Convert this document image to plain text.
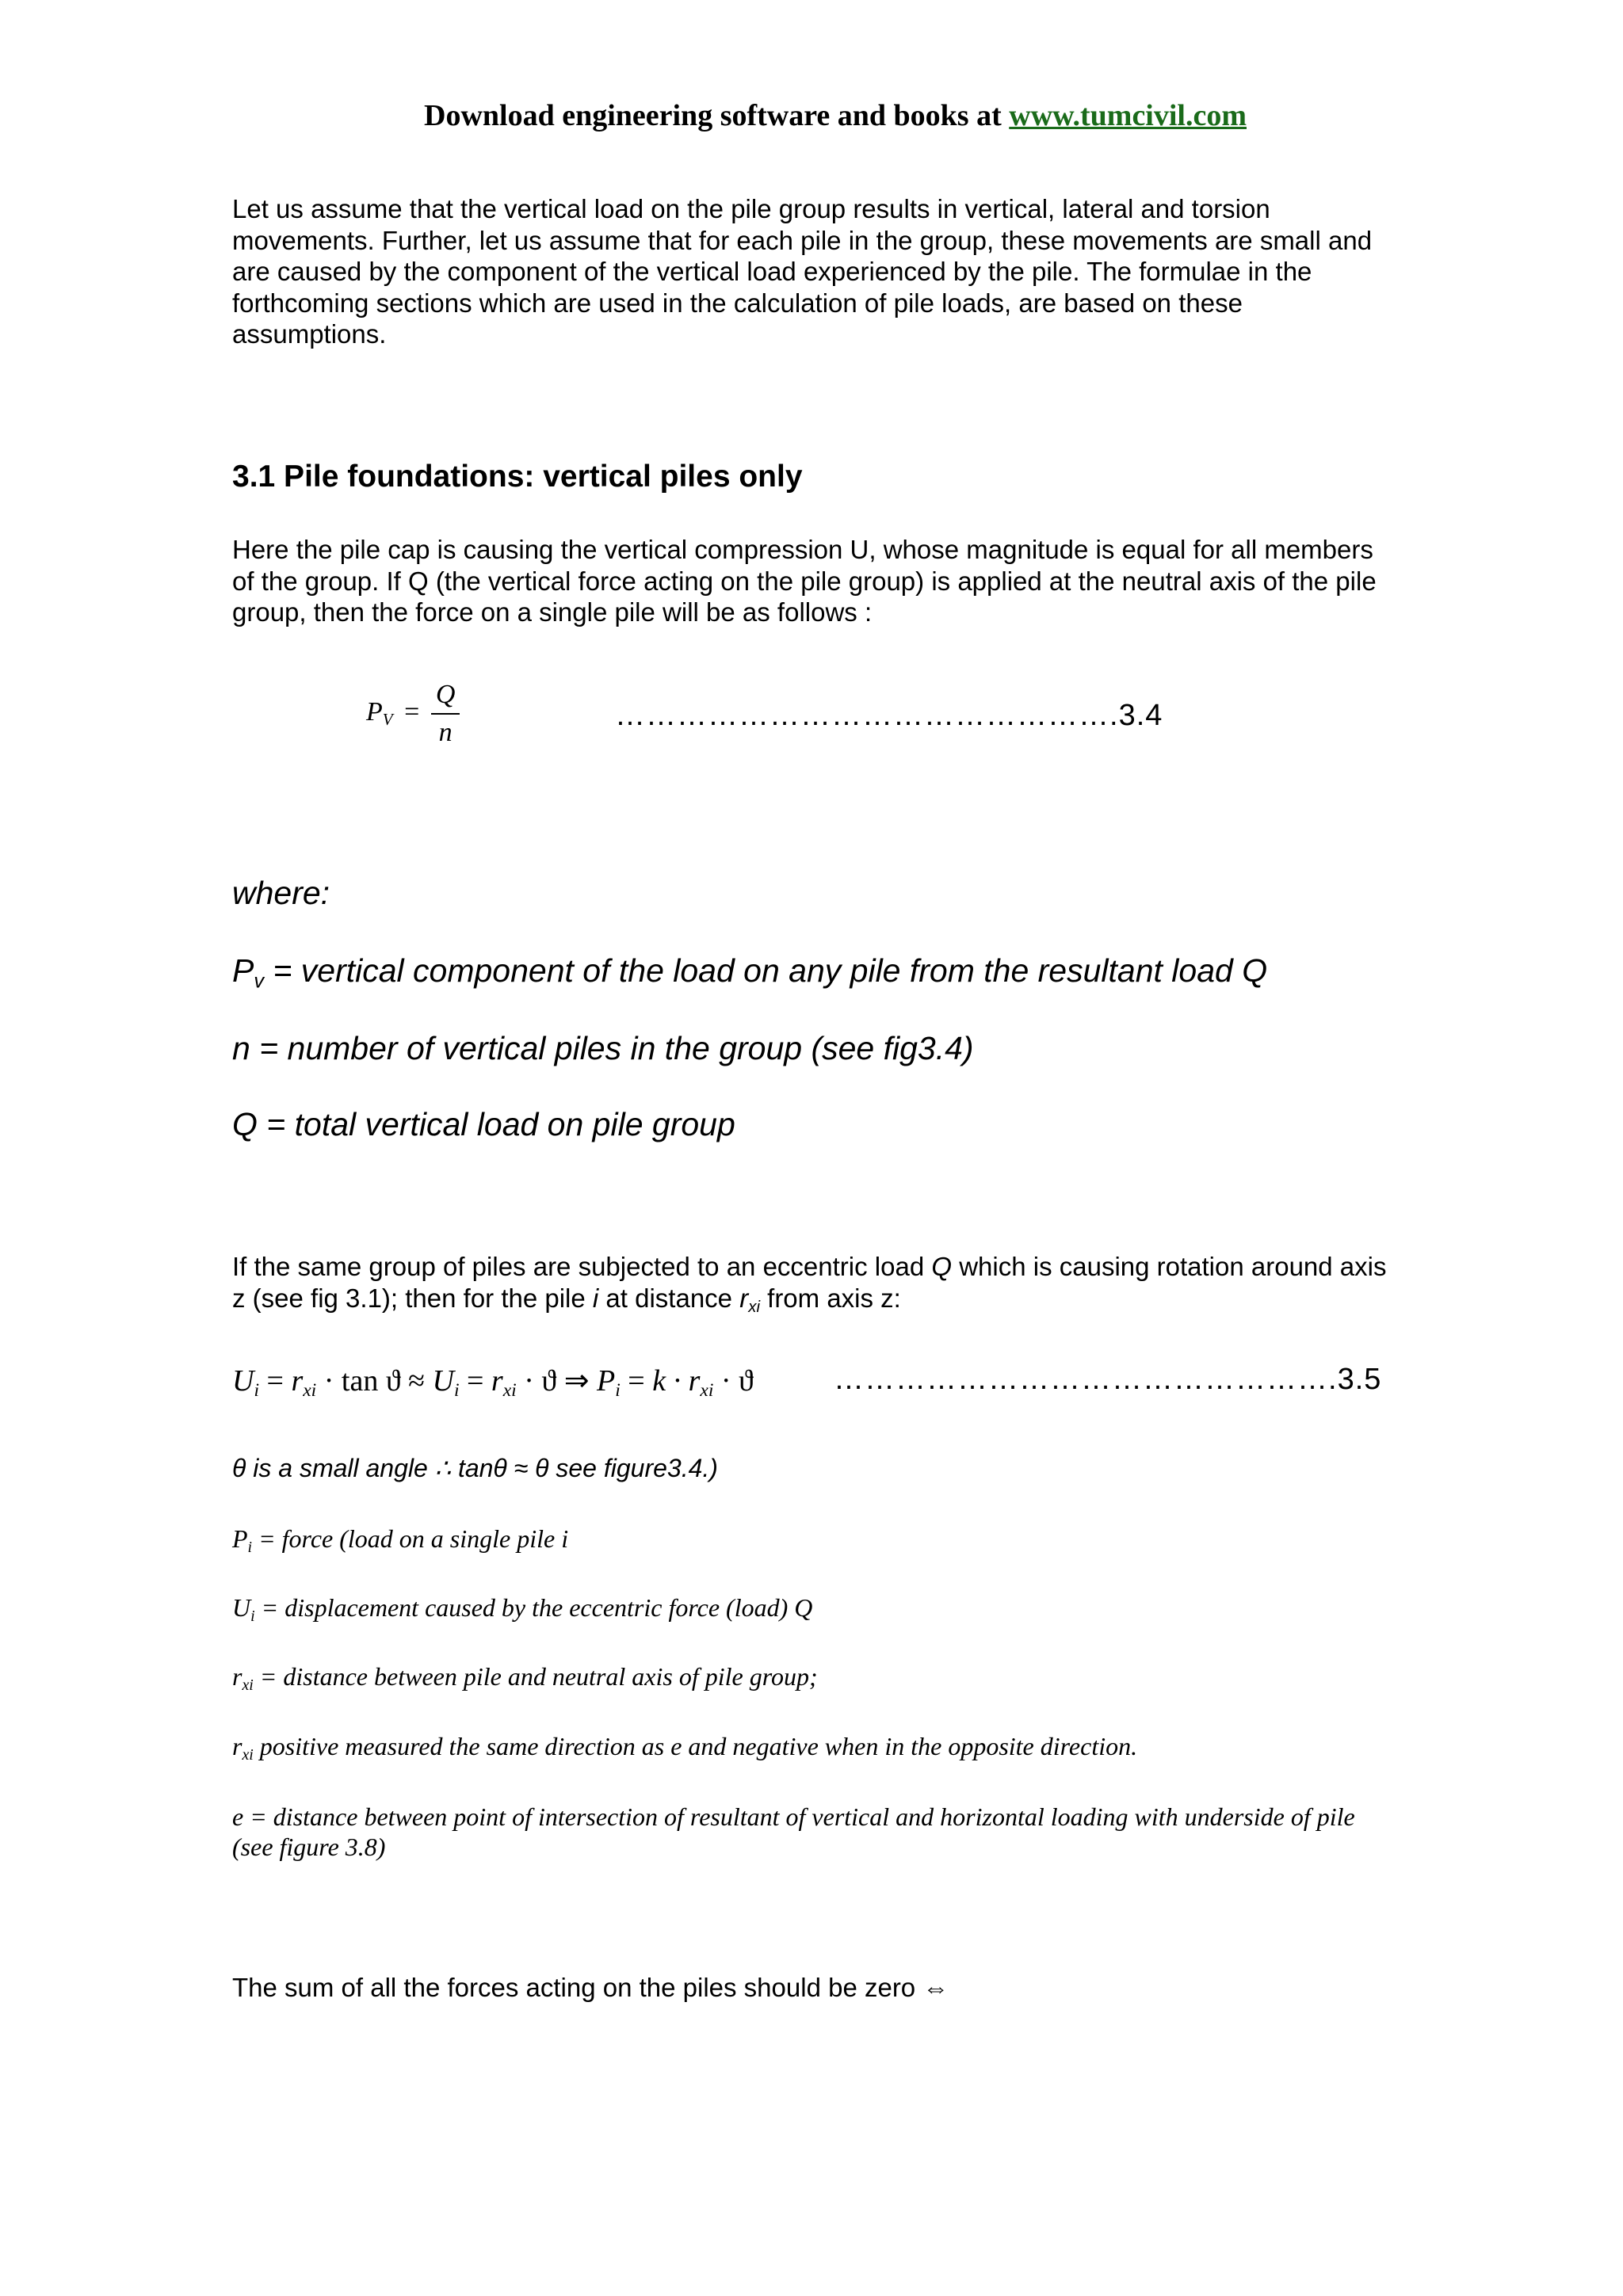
Download engineering software and books at www.tumcivil.com
Let us assume that the vertical load on the pile group results in vertical, lateral and torsion movements. Further, let us assume that for each pile in the group, these movements are small and are caused by the component of the vertical load experienced by the pile. The formulae in the forthcoming sections which are used in the calculation of pile loads, are based on these assumptions.
3.1 Pile foundations: vertical piles only
Here the pile cap is causing the vertical compression U, whose magnitude is equal for all members of the group. If Q (the vertical force acting on the pile group) is applied at the neutral axis of the pile group, then the force on a single pile will be as follows :
$P_V = \frac{Q}{n}$	………………………………………….3.4
where:
$P_v$ = vertical component of the load on any pile from the resultant load Q
n = number of vertical piles in the group (see fig3.4)
Q = total vertical load on pile group
If the same group of piles are subjected to an eccentric load Q which is causing rotation around axis z (see fig 3.1); then for the pile i at distance $r_{xi}$ from axis z:
$U_i = r_{xi} \cdot \tan ϑ \approx U_i = r_{xi} \cdot ϑ$ ⇒ $P_i = k \cdot r_{xi} \cdot ϑ$	………………………………………….3.5
θ is a small angle ∴ tanθ ≈ θ see figure3.4.)
$P_i$ = force (load on a single pile i
$U_i$ = displacement caused by the eccentric force (load) Q
$r_{xi}$ = distance between pile and neutral axis of pile group;
$r_{xi}$ positive measured the same direction as e and negative when in the opposite direction.
e = distance between point of intersection of resultant of vertical and horizontal loading with underside of pile (see figure 3.8)
The sum of all the forces acting on the piles should be zero ⇔
